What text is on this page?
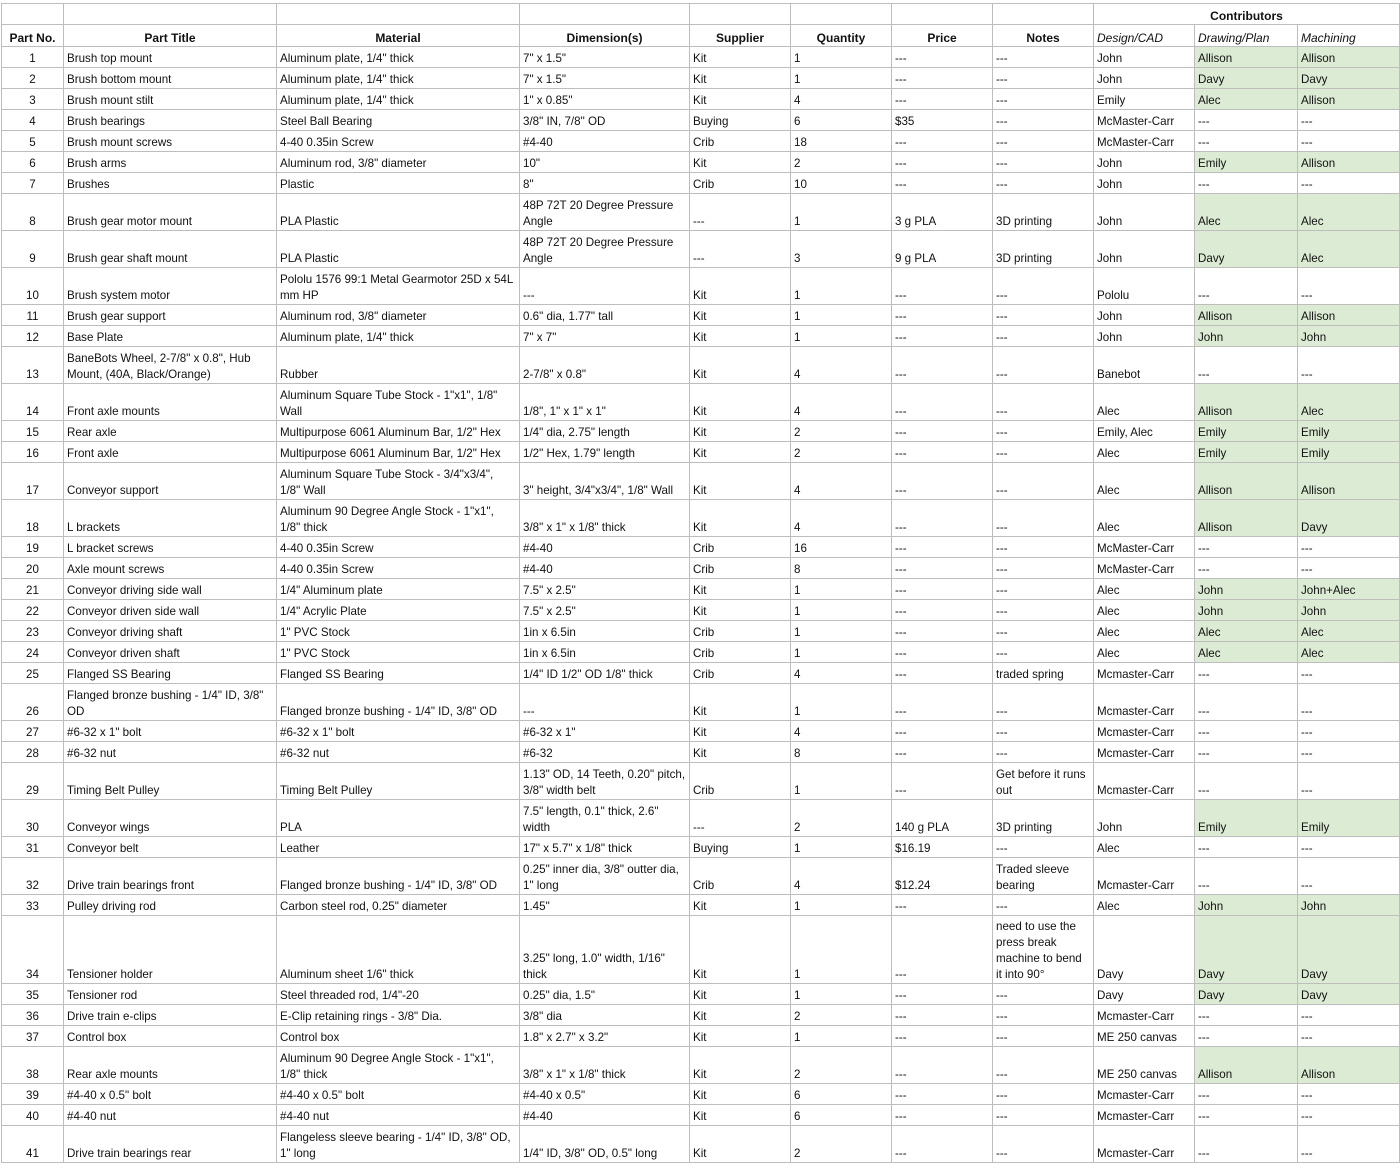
								Contributors		
Part No.	Part Title	Material	Dimension(s)	Supplier	Quantity	Price	Notes	Design/CAD	Drawing/Plan	Machining
1	Brush top mount	Aluminum plate, 1/4" thick	7" x 1.5"	Kit	1	---	---	John	Allison	Allison
2	Brush bottom mount	Aluminum plate, 1/4" thick	7" x 1.5"	Kit	1	---	---	John	Davy	Davy
3	Brush mount stilt	Aluminum plate, 1/4" thick	1" x 0.85"	Kit	4	---	---	Emily	Alec	Allison
4	Brush bearings	Steel Ball Bearing	3/8" IN, 7/8" OD	Buying	6	$35	---	McMaster-Carr	---	---
5	Brush mount screws	4-40 0.35in Screw	#4-40	Crib	18	---	---	McMaster-Carr	---	---
6	Brush arms	Aluminum rod, 3/8" diameter	10"	Kit	2	---	---	John	Emily	Allison
7	Brushes	Plastic	8"	Crib	10	---	---	John	---	---
8	Brush gear motor mount	PLA Plastic	48P 72T 20 Degree Pressure Angle	---	1	3 g PLA	3D printing	John	Alec	Alec
9	Brush gear shaft mount	PLA Plastic	48P 72T 20 Degree Pressure Angle	---	3	9 g PLA	3D printing	John	Davy	Alec
10	Brush system motor	Pololu 1576 99:1 Metal Gearmotor 25D x 54L mm HP	---	Kit	1	---	---	Pololu	---	---
11	Brush gear support	Aluminum rod, 3/8" diameter	0.6" dia, 1.77" tall	Kit	1	---	---	John	Allison	Allison
12	Base Plate	Aluminum plate, 1/4" thick	7" x 7"	Kit	1	---	---	John	John	John
13	BaneBots Wheel, 2-7/8" x 0.8", Hub Mount, (40A, Black/Orange)	Rubber	2-7/8" x 0.8"	Kit	4	---	---	Banebot	---	---
14	Front axle mounts	Aluminum Square Tube Stock - 1"x1", 1/8" Wall	1/8", 1" x 1" x 1"	Kit	4	---	---	Alec	Allison	Alec
15	Rear axle	Multipurpose 6061 Aluminum Bar, 1/2" Hex	1/4" dia, 2.75" length	Kit	2	---	---	Emily, Alec	Emily	Emily
16	Front axle	Multipurpose 6061 Aluminum Bar, 1/2" Hex	1/2" Hex, 1.79" length	Kit	2	---	---	Alec	Emily	Emily
17	Conveyor support	Aluminum Square Tube Stock - 3/4"x3/4", 1/8" Wall	3" height, 3/4"x3/4", 1/8" Wall	Kit	4	---	---	Alec	Allison	Allison
18	L brackets	Aluminum 90 Degree Angle Stock - 1"x1", 1/8" thick	3/8" x 1" x 1/8" thick	Kit	4	---	---	Alec	Allison	Davy
19	L bracket screws	4-40 0.35in Screw	#4-40	Crib	16	---	---	McMaster-Carr	---	---
20	Axle mount screws	4-40 0.35in Screw	#4-40	Crib	8	---	---	McMaster-Carr	---	---
21	Conveyor driving side wall	1/4" Aluminum plate	7.5" x 2.5"	Kit	1	---	---	Alec	John	John+Alec
22	Conveyor driven side wall	1/4" Acrylic Plate	7.5" x 2.5"	Kit	1	---	---	Alec	John	John
23	Conveyor driving shaft	1" PVC Stock	1in x 6.5in	Crib	1	---	---	Alec	Alec	Alec
24	Conveyor driven shaft	1" PVC Stock	1in x 6.5in	Crib	1	---	---	Alec	Alec	Alec
25	Flanged SS Bearing	Flanged SS Bearing	1/4" ID 1/2" OD 1/8" thick	Crib	4	---	traded spring	Mcmaster-Carr	---	---
26	Flanged bronze bushing - 1/4" ID, 3/8" OD	Flanged bronze bushing - 1/4" ID, 3/8" OD	---	Kit	1	---	---	Mcmaster-Carr	---	---
27	#6-32 x 1" bolt	#6-32 x 1" bolt	#6-32 x 1"	Kit	4	---	---	Mcmaster-Carr	---	---
28	#6-32 nut	#6-32 nut	#6-32	Kit	8	---	---	Mcmaster-Carr	---	---
29	Timing Belt Pulley	Timing Belt Pulley	1.13" OD, 14 Teeth, 0.20" pitch, 3/8" width belt	Crib	1	---	Get before it runs out	Mcmaster-Carr	---	---
30	Conveyor wings	PLA	7.5" length, 0.1" thick, 2.6" width	---	2	140 g PLA	3D printing	John	Emily	Emily
31	Conveyor belt	Leather	17" x 5.7" x 1/8" thick	Buying	1	$16.19	---	Alec	---	---
32	Drive train bearings front	Flanged bronze bushing - 1/4" ID, 3/8" OD	0.25" inner dia, 3/8" outter dia, 1" long	Crib	4	$12.24	Traded sleeve bearing	Mcmaster-Carr	---	---
33	Pulley driving rod	Carbon steel rod, 0.25" diameter	1.45"	Kit	1	---	---	Alec	John	John
34	Tensioner holder	Aluminum sheet 1/6" thick	3.25" long, 1.0" width, 1/16" thick	Kit	1	---	need to use the press break machine to bend it into 90°	Davy	Davy	Davy
35	Tensioner rod	Steel threaded rod, 1/4"-20	0.25" dia, 1.5"	Kit	1	---	---	Davy	Davy	Davy
36	Drive train e-clips	E-Clip retaining rings - 3/8" Dia.	3/8" dia	Kit	2	---	---	Mcmaster-Carr	---	---
37	Control box	Control box	1.8" x 2.7" x 3.2"	Kit	1	---	---	ME 250 canvas	---	---
38	Rear axle mounts	Aluminum 90 Degree Angle Stock - 1"x1", 1/8" thick	3/8" x 1" x 1/8" thick	Kit	2	---	---	ME 250 canvas	Allison	Allison
39	#4-40 x 0.5" bolt	#4-40 x 0.5" bolt	#4-40 x 0.5"	Kit	6	---	---	Mcmaster-Carr	---	---
40	#4-40 nut	#4-40 nut	#4-40	Kit	6	---	---	Mcmaster-Carr	---	---
41	Drive train bearings rear	Flangeless sleeve bearing - 1/4" ID, 3/8" OD, 1" long	1/4" ID, 3/8" OD, 0.5" long	Kit	2	---	---	Mcmaster-Carr	---	---
